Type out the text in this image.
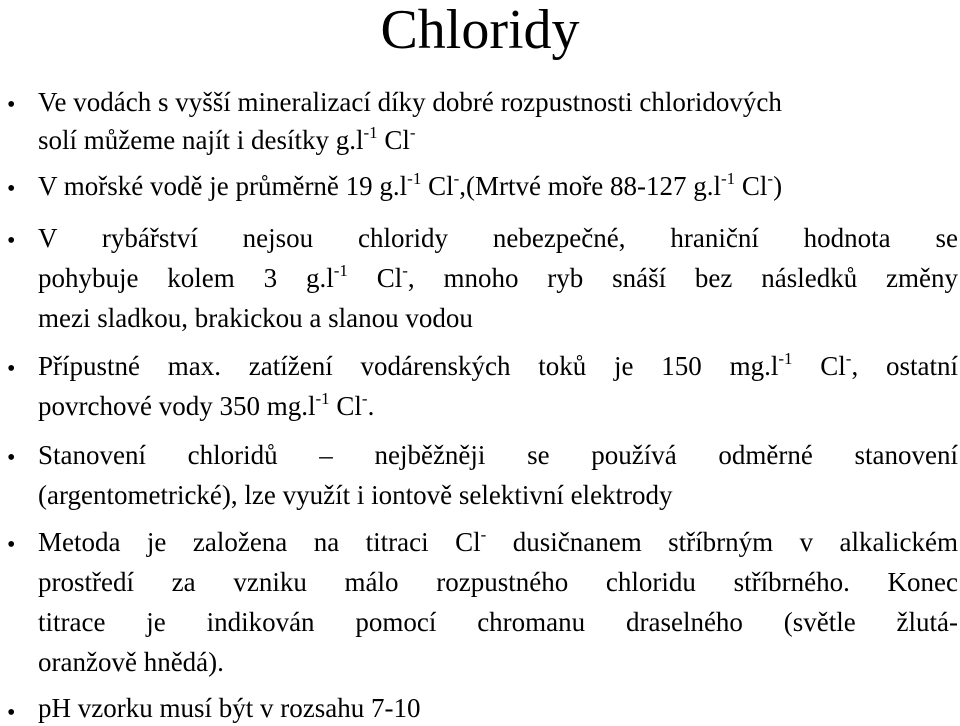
Chloridy
• Ve vodách s vyšší mineralizací díky dobré rozpustnosti chloridových
solí můžeme najít i desítky $g.l^{-1}$ Cl-
• V mořské vodě je průměrně 19 $g.l^{-1}$ Cl-,(Mrtvé moře 88-127 $g.l^{-1}$ Cl-)
• V rybářství nejsou chloridy nebezpečné, hraniční hodnota se
pohybuje kolem 3 $g.l^{-1}$ Cl-, mnoho ryb snáší bez následků změny
mezi sladkou, brakickou a slanou vodou
• Přípustné max. zatížení vodárenských toků je 150 $mg.l^{-1}$ Cl-, ostatní
povrchové vody 350 $mg.l^{-1}$ Cl-.
• Stanovení chloridů – nejběžněji se používá odměrné stanovení
(argentometrické), lze využít i iontově selektivní elektrody
• Metoda je založena na titraci Cl- dusičnanem stříbrným v alkalickém
prostředí za vzniku málo rozpustného chloridu stříbrného. Konec
titrace je indikován pomocí chromanu draselného (světle žlutá-
oranžově hnědá).
• pH vzorku musí být v rozsahu 7-10
